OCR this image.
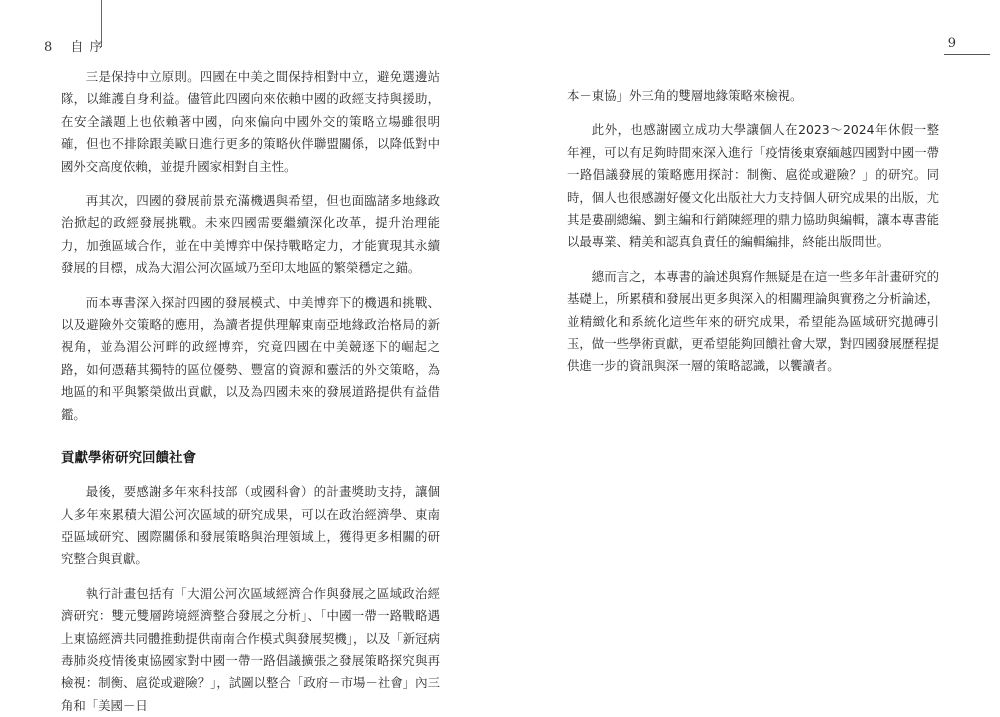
8 自 序

三是保持中立原則。四國在中美之間保持相對中立，避免選邊站隊，以維護自身利益。儘管此四國向來依賴中國的政經支持與援助，在安全議題上也依賴著中國，向來偏向中國外交的策略立場雖很明確，但也不排除跟美歐日進行更多的策略伙伴聯盟關係，以降低對中國外交高度依賴，並提升國家相對自主性。

再其次，四國的發展前景充滿機遇與希望，但也面臨諸多地緣政治掀起的政經發展挑戰。未來四國需要繼續深化改革，提升治理能力，加強區域合作，並在中美博弈中保持戰略定力，才能實現其永續發展的目標，成為大湄公河次區域乃至印太地區的繁榮穩定之錨。

而本專書深入探討四國的發展模式、中美博弈下的機遇和挑戰、以及避險外交策略的應用，為讀者提供理解東南亞地緣政治格局的新視角，並為湄公河畔的政經博弈，究竟四國在中美競逐下的崛起之路，如何憑藉其獨特的區位優勢、豐富的資源和靈活的外交策略，為地區的和平與繁榮做出貢獻，以及為四國未來的發展道路提供有益借鑑。

貢獻學術研究回饋社會

最後，要感謝多年來科技部（或國科會）的計畫獎助支持，讓個人多年來累積大湄公河次區域的研究成果，可以在政治經濟學、東南亞區域研究、國際關係和發展策略與治理領域上，獲得更多相關的研究整合與貢獻。

執行計畫包括有「大湄公河次區域經濟合作與發展之區域政治經濟研究：雙元雙層跨境經濟整合發展之分析」、「中國一帶一路戰略遇上東協經濟共同體推動提供南南合作模式與發展契機」，以及「新冠病毒肺炎疫情後東協國家對中國一帶一路倡議擴張之發展策略探究與再檢視：制衡、扈從或避險？」，試圖以整合「政府－市場－社會」內三角和「美國－日

9

本－東協」外三角的雙層地緣策略來檢視。

此外，也感謝國立成功大學讓個人在2023～2024年休假一整年裡，可以有足夠時間來深入進行「疫情後東寮緬越四國對中國一帶一路倡議發展的策略應用探討：制衡、扈從或避險？」的研究。同時，個人也很感謝好優文化出版社大力支持個人研究成果的出版，尤其是婁副總編、劉主編和行銷陳經理的鼎力協助與編輯，讓本專書能以最專業、精美和認真負責任的編輯編排，終能出版問世。

總而言之，本專書的論述與寫作無疑是在這一些多年計畫研究的基礎上，所累積和發展出更多與深入的相關理論與實務之分析論述，並精緻化和系統化這些年來的研究成果，希望能為區域研究拋磚引玉，做一些學術貢獻，更希望能夠回饋社會大眾，對四國發展歷程提供進一步的資訊與深一層的策略認識，以饗讀者。
